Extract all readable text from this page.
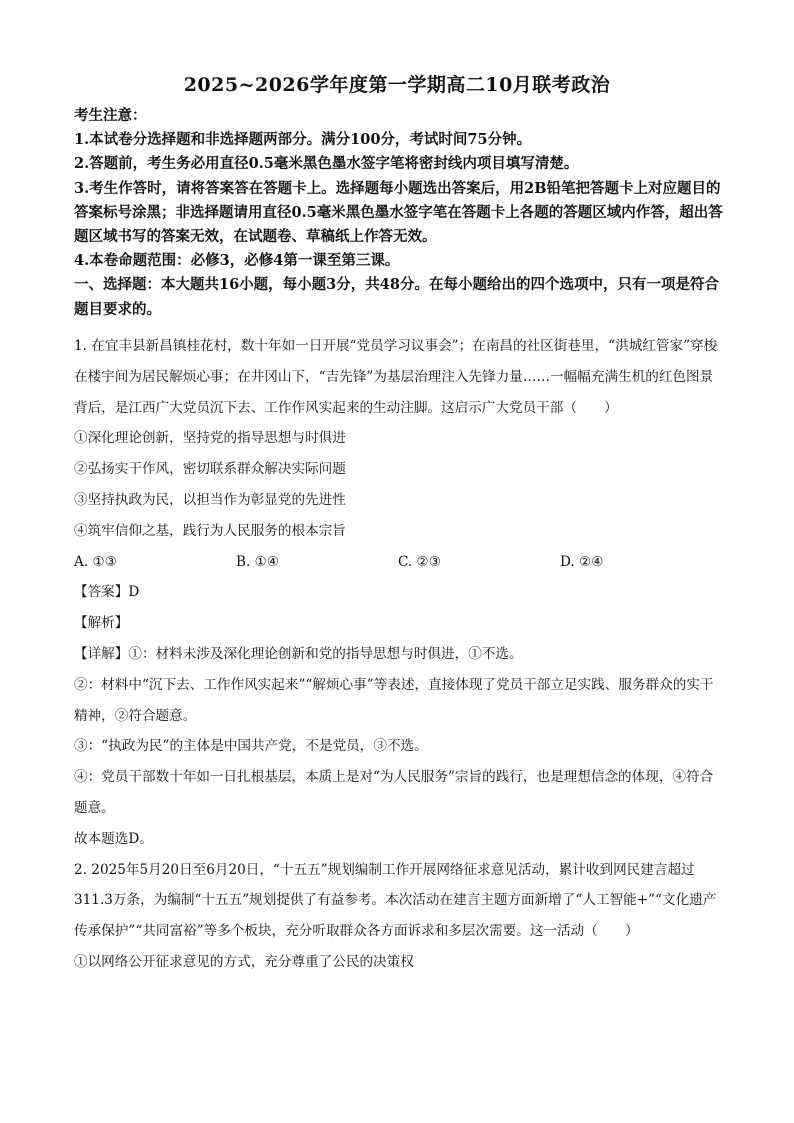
2025~2026学年度第一学期高二10月联考政治

考生注意：

1.本试卷分选择题和非选择题两部分。满分100分，考试时间75分钟。

2.答题前，考生务必用直径0.5毫米黑色墨水签字笔将密封线内项目填写清楚。

3.考生作答时，请将答案答在答题卡上。选择题每小题选出答案后，用2B铅笔把答题卡上对应题目的答案标号涂黑；非选择题请用直径0.5毫米黑色墨水签字笔在答题卡上各题的答题区域内作答，超出答题区域书写的答案无效，在试题卷、草稿纸上作答无效。

4.本卷命题范围：必修3，必修4第一课至第三课。

一、选择题：本大题共16小题，每小题3分，共48分。在每小题给出的四个选项中，只有一项是符合题目要求的。

1. 在宜丰县新昌镇桂花村，数十年如一日开展“党员学习议事会”；在南昌的社区街巷里，“洪城红管家”穿梭在楼宇间为居民解烦心事；在井冈山下，“吉先锋”为基层治理注入先锋力量……一幅幅充满生机的红色图景背后，是江西广大党员沉下去、工作作风实起来的生动注脚。这启示广大党员干部（　　）

①深化理论创新，坚持党的指导思想与时俱进

②弘扬实干作风，密切联系群众解决实际问题

③坚持执政为民，以担当作为彰显党的先进性

④筑牢信仰之基，践行为人民服务的根本宗旨

A. ①③	B. ①④	C. ②③	D. ②④

【答案】D

【解析】

【详解】①：材料未涉及深化理论创新和党的指导思想与时俱进，①不选。

②：材料中“沉下去、工作作风实起来”“解烦心事”等表述，直接体现了党员干部立足实践、服务群众的实干精神，②符合题意。

③：“执政为民”的主体是中国共产党，不是党员，③不选。

④：党员干部数十年如一日扎根基层，本质上是对“为人民服务”宗旨的践行，也是理想信念的体现，④符合题意。

故本题选D。

2. 2025年5月20日至6月20日，“十五五”规划编制工作开展网络征求意见活动，累计收到网民建言超过311.3万条，为编制“十五五”规划提供了有益参考。本次活动在建言主题方面新增了“人工智能+”“文化遗产传承保护”“共同富裕”等多个板块，充分听取群众各方面诉求和多层次需要。这一活动（　　）

①以网络公开征求意见的方式，充分尊重了公民的决策权
